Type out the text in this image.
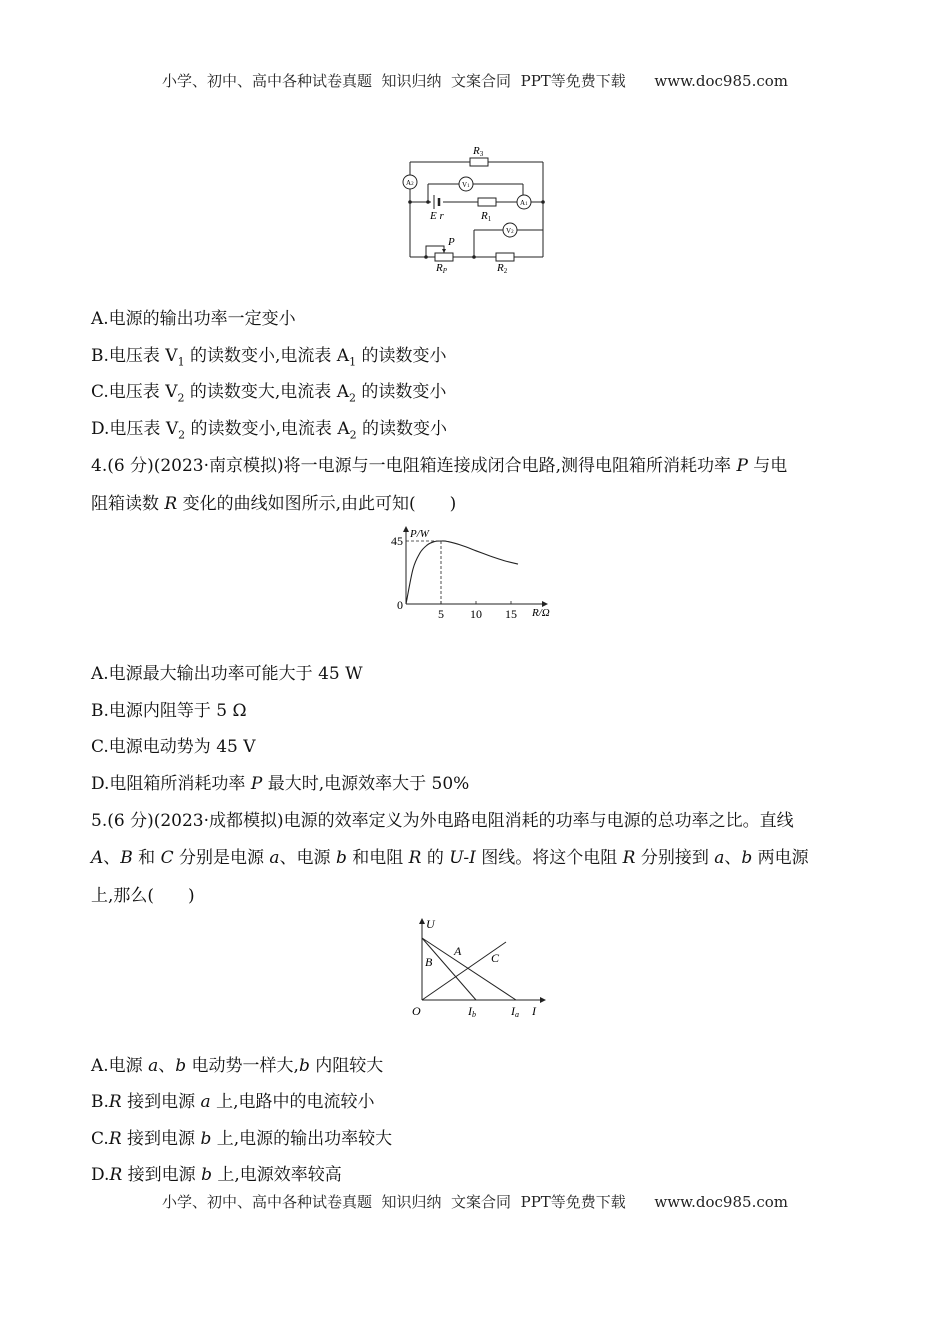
小学、初中、高中各种试卷真题  知识归纳  文案合同  PPT等免费下载      www.doc985.com
R3
A2	V1
A1
V2
E r	R1
P
RP	R2
A.电源的输出功率一定变小
B.电压表 $V_1$ 的读数变小,电流表 $A_1$ 的读数变小
C.电压表 $V_2$ 的读数变大,电流表 $A_2$ 的读数变小
D.电压表 $V_2$ 的读数变小,电流表 $A_2$ 的读数变小
4.(6 分)(2023·南京模拟)将一电源与一电阻箱连接成闭合电路,测得电阻箱所消耗功率 P 与电
阻箱读数 R 变化的曲线如图所示,由此可知(　　)
5 10 15
45
0
P/W
R/Ω
A.电源最大输出功率可能大于 45 W
B.电源内阻等于 5 Ω
C.电源电动势为 45 V
D.电阻箱所消耗功率 P 最大时,电源效率大于 50%
5.(6 分)(2023·成都模拟)电源的效率定义为外电路电阻消耗的功率与电源的总功率之比。直线
A、B 和 C 分别是电源 a、电源 b 和电阻 R 的 U-I 图线。将这个电阻 R 分别接到 a、b 两电源
上,那么(　　)
U
I
O
A
B	C
Ib	Ia
A.电源 a、b 电动势一样大,b 内阻较大
B.R 接到电源 a 上,电路中的电流较小
C.R 接到电源 b 上,电源的输出功率较大
D.R 接到电源 b 上,电源效率较高
小学、初中、高中各种试卷真题  知识归纳  文案合同  PPT等免费下载      www.doc985.com
